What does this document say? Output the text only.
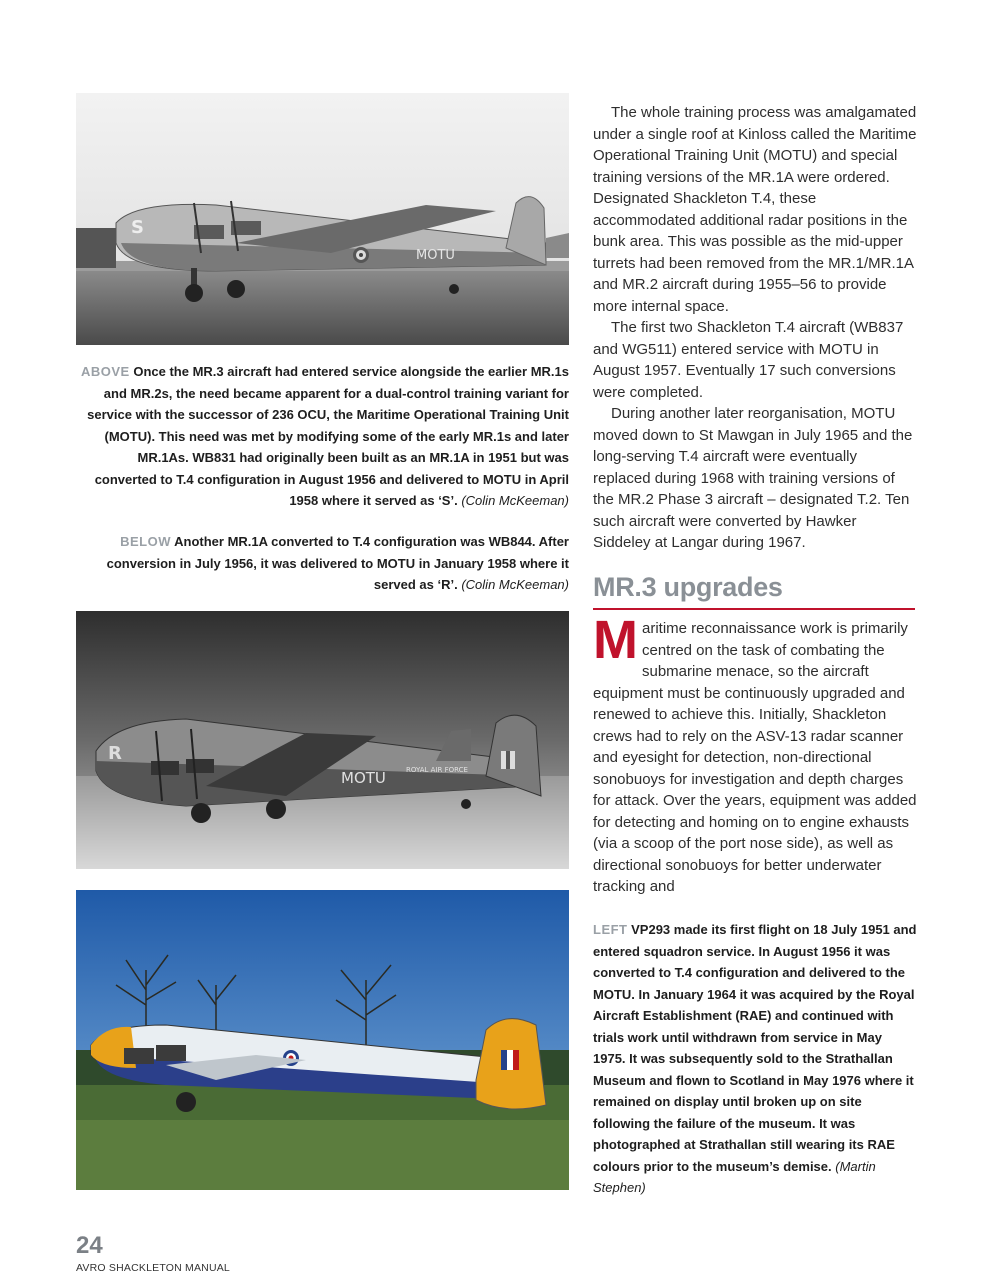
MOTU
S
ABOVE Once the MR.3 aircraft had entered service alongside the earlier MR.1s and MR.2s, the need became apparent for a dual-control training variant for service with the successor of 236 OCU, the Maritime Operational Training Unit (MOTU). This need was met by modifying some of the early MR.1s and later MR.1As. WB831 had originally been built as an MR.1A in 1951 but was converted to T.4 configuration in August 1956 and delivered to MOTU in April 1958 where it served as ‘S’. (Colin McKeeman)
BELOW Another MR.1A converted to T.4 configuration was WB844. After conversion in July 1956, it was delivered to MOTU in January 1958 where it served as ‘R’. (Colin McKeeman)
MOTU	ROYAL AIR FORCE
R
LEFT VP293 made its first flight on 18 July 1951 and entered squadron service. In August 1956 it was converted to T.4 configuration and delivered to the MOTU. In January 1964 it was acquired by the Royal Aircraft Establishment (RAE) and continued with trials work until withdrawn from service in May 1975. It was subsequently sold to the Strathallan Museum and flown to Scotland in May 1976 where it remained on display until broken up on site following the failure of the museum. It was photographed at Strathallan still wearing its RAE colours prior to the museum’s demise. (Martin Stephen)

The whole training process was amalgamated under a single roof at Kinloss called the Maritime Operational Training Unit (MOTU) and special training versions of the MR.1A were ordered. Designated Shackleton T.4, these accommodated additional radar positions in the bunk area. This was possible as the mid-upper turrets had been removed from the MR.1/MR.1A and MR.2 aircraft during 1955–56 to provide more internal space.

The first two Shackleton T.4 aircraft (WB837 and WG511) entered service with MOTU in August 1957. Eventually 17 such conversions were completed.

During another later reorganisation, MOTU moved down to St Mawgan in July 1965 and the long-serving T.4 aircraft were eventually replaced during 1968 with training versions of the MR.2 Phase 3 aircraft – designated T.2. Ten such aircraft were converted by Hawker Siddeley at Langar during 1967.

MR.3 upgrades
M aritime reconnaissance work is primarily centred on the task of combating the submarine menace, so the aircraft equipment must be continuously upgraded and renewed to achieve this. Initially, Shackleton crews had to rely on the ASV-13 radar scanner and eyesight for detection, non-directional sonobuoys for investigation and depth charges for attack. Over the years, equipment was added for detecting and homing on to engine exhausts (via a scoop of the port nose side), as well as directional sonobuoys for better underwater tracking and
24
AVRO SHACKLETON MANUAL
